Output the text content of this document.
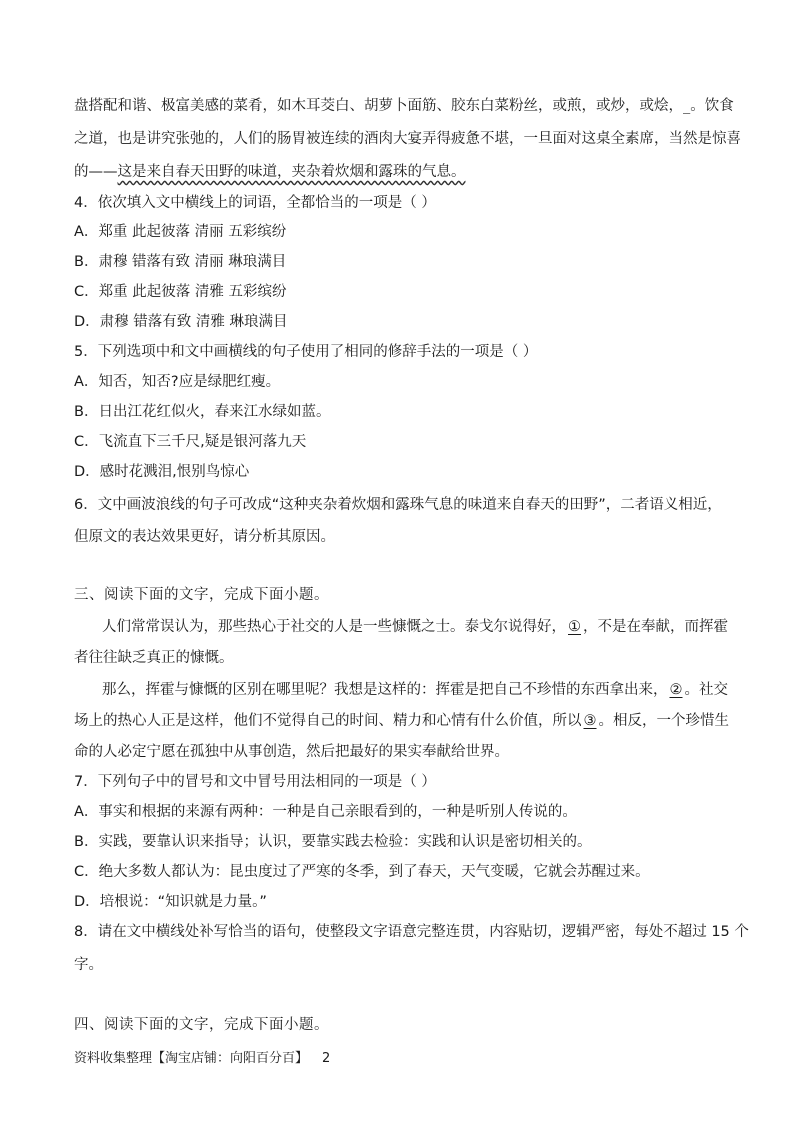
盘搭配和谐、极富美感的菜肴，如木耳茭白、胡萝卜面筋、胶东白菜粉丝，或煎，或炒，或烩，_。饮食
之道，也是讲究张弛的，人们的肠胃被连续的酒肉大宴弄得疲惫不堪，一旦面对这桌全素席，当然是惊喜
的——这是来自春天田野的味道，夹杂着炊烟和露珠的气息。
4．依次填入文中横线上的词语，全都恰当的一项是（ ）
A．郑重 此起彼落 清丽 五彩缤纷
B．肃穆 错落有致 清丽 琳琅满目
C．郑重 此起彼落 清雅 五彩缤纷
D．肃穆 错落有致 清雅 琳琅满目
5．下列选项中和文中画横线的句子使用了相同的修辞手法的一项是（ ）
A．知否，知否?应是绿肥红瘦。
B．日出江花红似火，春来江水绿如蓝。
C．飞流直下三千尺,疑是银河落九天
D．感时花溅泪,恨别鸟惊心
6．文中画波浪线的句子可改成“这种夹杂着炊烟和露珠气息的味道来自春天的田野”，二者语义相近，
但原文的表达效果更好，请分析其原因。
三、阅读下面的文字，完成下面小题。
人们常常误认为，那些热心于社交的人是一些慷慨之士。泰戈尔说得好， ① ，不是在奉献，而挥霍
者往往缺乏真正的慷慨。
那么，挥霍与慷慨的区别在哪里呢？我想是这样的：挥霍是把自己不珍惜的东西拿出来， ② 。社交
场上的热心人正是这样，他们不觉得自己的时间、精力和心情有什么价值，所以 ③ 。相反，一个珍惜生
命的人必定宁愿在孤独中从事创造，然后把最好的果实奉献给世界。
7．下列句子中的冒号和文中冒号用法相同的一项是（ ）
A．事实和根据的来源有两种：一种是自己亲眼看到的，一种是听别人传说的。
B．实践，要靠认识来指导；认识，要靠实践去检验：实践和认识是密切相关的。
C．绝大多数人都认为：昆虫度过了严寒的冬季，到了春天，天气变暖，它就会苏醒过来。
D．培根说：“知识就是力量。”
8．请在文中横线处补写恰当的语句，使整段文字语意完整连贯，内容贴切，逻辑严密，每处不超过 15 个
字。
四、阅读下面的文字，完成下面小题。
资料收集整理【淘宝店铺：向阳百分百】 2
